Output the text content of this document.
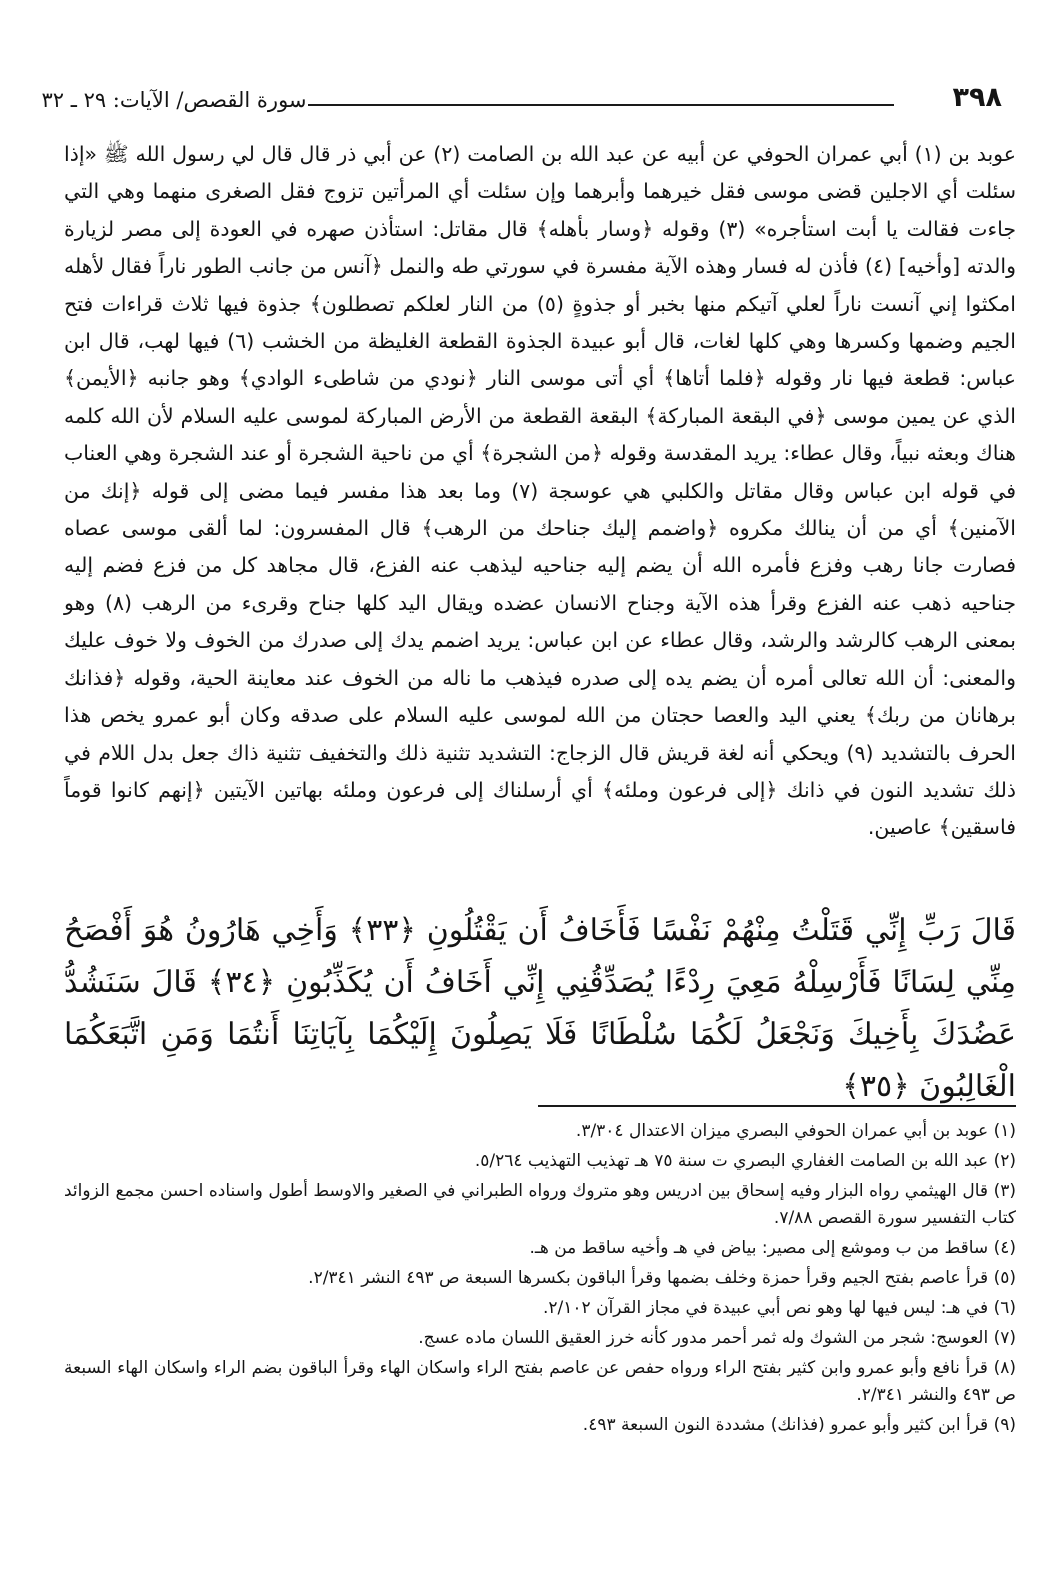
٣٩٨
سورة القصص/ الآيات: ٢٩ ـ ٣٢
عوبد بن (١) أبي عمران الحوفي عن أبيه عن عبد الله بن الصامت (٢) عن أبي ذر قال قال لي رسول الله ﷺ «إذا سئلت أي الاجلين قضى موسى فقل خيرهما وأبرهما وإن سئلت أي المرأتين تزوج فقل الصغرى منهما وهي التي جاءت فقالت يا أبت استأجره» (٣) وقوله ﴿وسار بأهله﴾ قال مقاتل: استأذن صهره في العودة إلى مصر لزيارة والدته [وأخيه] (٤) فأذن له فسار وهذه الآية مفسرة في سورتي طه والنمل ﴿آنس من جانب الطور ناراً فقال لأهله امكثوا إني آنست ناراً لعلي آتيكم منها بخبر أو جذوةٍ (٥) من النار لعلكم تصطلون﴾ جذوة فيها ثلاث قراءات فتح الجيم وضمها وكسرها وهي كلها لغات، قال أبو عبيدة الجذوة القطعة الغليظة من الخشب (٦) فيها لهب، قال ابن عباس: قطعة فيها نار وقوله ﴿فلما أتاها﴾ أي أتى موسى النار ﴿نودي من شاطىء الوادي﴾ وهو جانبه ﴿الأيمن﴾ الذي عن يمين موسى ﴿في البقعة المباركة﴾ البقعة القطعة من الأرض المباركة لموسى عليه السلام لأن الله كلمه هناك وبعثه نبياً، وقال عطاء: يريد المقدسة وقوله ﴿من الشجرة﴾ أي من ناحية الشجرة أو عند الشجرة وهي العناب في قوله ابن عباس وقال مقاتل والكلبي هي عوسجة (٧) وما بعد هذا مفسر فيما مضى إلى قوله ﴿إنك من الآمنين﴾ أي من أن ينالك مكروه ﴿واضمم إليك جناحك من الرهب﴾ قال المفسرون: لما ألقى موسى عصاه فصارت جانا رهب وفزع فأمره الله أن يضم إليه جناحيه ليذهب عنه الفزع، قال مجاهد كل من فزع فضم إليه جناحيه ذهب عنه الفزع وقرأ هذه الآية وجناح الانسان عضده ويقال اليد كلها جناح وقرىء من الرهب (٨) وهو بمعنى الرهب كالرشد والرشد، وقال عطاء عن ابن عباس: يريد اضمم يدك إلى صدرك من الخوف ولا خوف عليك والمعنى: أن الله تعالى أمره أن يضم يده إلى صدره فيذهب ما ناله من الخوف عند معاينة الحية، وقوله ﴿فذانك برهانان من ربك﴾ يعني اليد والعصا حجتان من الله لموسى عليه السلام على صدقه وكان أبو عمرو يخص هذا الحرف بالتشديد (٩) ويحكي أنه لغة قريش قال الزجاج: التشديد تثنية ذلك والتخفيف تثنية ذاك جعل بدل اللام في ذلك تشديد النون في ذانك ﴿إلى فرعون وملئه﴾ أي أرسلناك إلى فرعون وملئه بهاتين الآيتين ﴿إنهم كانوا قوماً فاسقين﴾ عاصين.
قَالَ رَبِّ إِنِّي قَتَلْتُ مِنْهُمْ نَفْسًا فَأَخَافُ أَن يَقْتُلُونِ ﴿٣٣﴾ وَأَخِي هَارُونُ هُوَ أَفْصَحُ مِنِّي لِسَانًا فَأَرْسِلْهُ مَعِيَ رِدْءًا يُصَدِّقُنِي إِنِّي أَخَافُ أَن يُكَذِّبُونِ ﴿٣٤﴾ قَالَ سَنَشُدُّ عَضُدَكَ بِأَخِيكَ وَنَجْعَلُ لَكُمَا سُلْطَانًا فَلَا يَصِلُونَ إِلَيْكُمَا بِآيَاتِنَا أَنتُمَا وَمَنِ اتَّبَعَكُمَا الْغَالِبُونَ ﴿٣٥﴾

(١) عوبد بن أبي عمران الحوفي البصري ميزان الاعتدال ٣/٣٠٤.

(٢) عبد الله بن الصامت الغفاري البصري ت سنة ٧٥ هـ تهذيب التهذيب ٥/٢٦٤.

(٣) قال الهيثمي رواه البزار وفيه إسحاق بين ادريس وهو متروك ورواه الطبراني في الصغير والاوسط أطول واسناده احسن مجمع الزوائد كتاب التفسير سورة القصص ٧/٨٨.

(٤) ساقط من ب وموشع إلى مصير: بياض في هـ وأخيه ساقط من هـ.

(٥) قرأ عاصم بفتح الجيم وقرأ حمزة وخلف بضمها وقرأ الباقون بكسرها السبعة ص ٤٩٣ النشر ٢/٣٤١.

(٦) في هـ: ليس فيها لها وهو نص أبي عبيدة في مجاز القرآن ٢/١٠٢.

(٧) العوسج: شجر من الشوك وله ثمر أحمر مدور كأنه خرز العقيق اللسان ماده عسج.

(٨) قرأ نافع وأبو عمرو وابن كثير بفتح الراء ورواه حفص عن عاصم بفتح الراء واسكان الهاء وقرأ الباقون بضم الراء واسكان الهاء السبعة ص ٤٩٣ والنشر ٢/٣٤١.

(٩) قرأ ابن كثير وأبو عمرو (فذانك) مشددة النون السبعة ٤٩٣.
